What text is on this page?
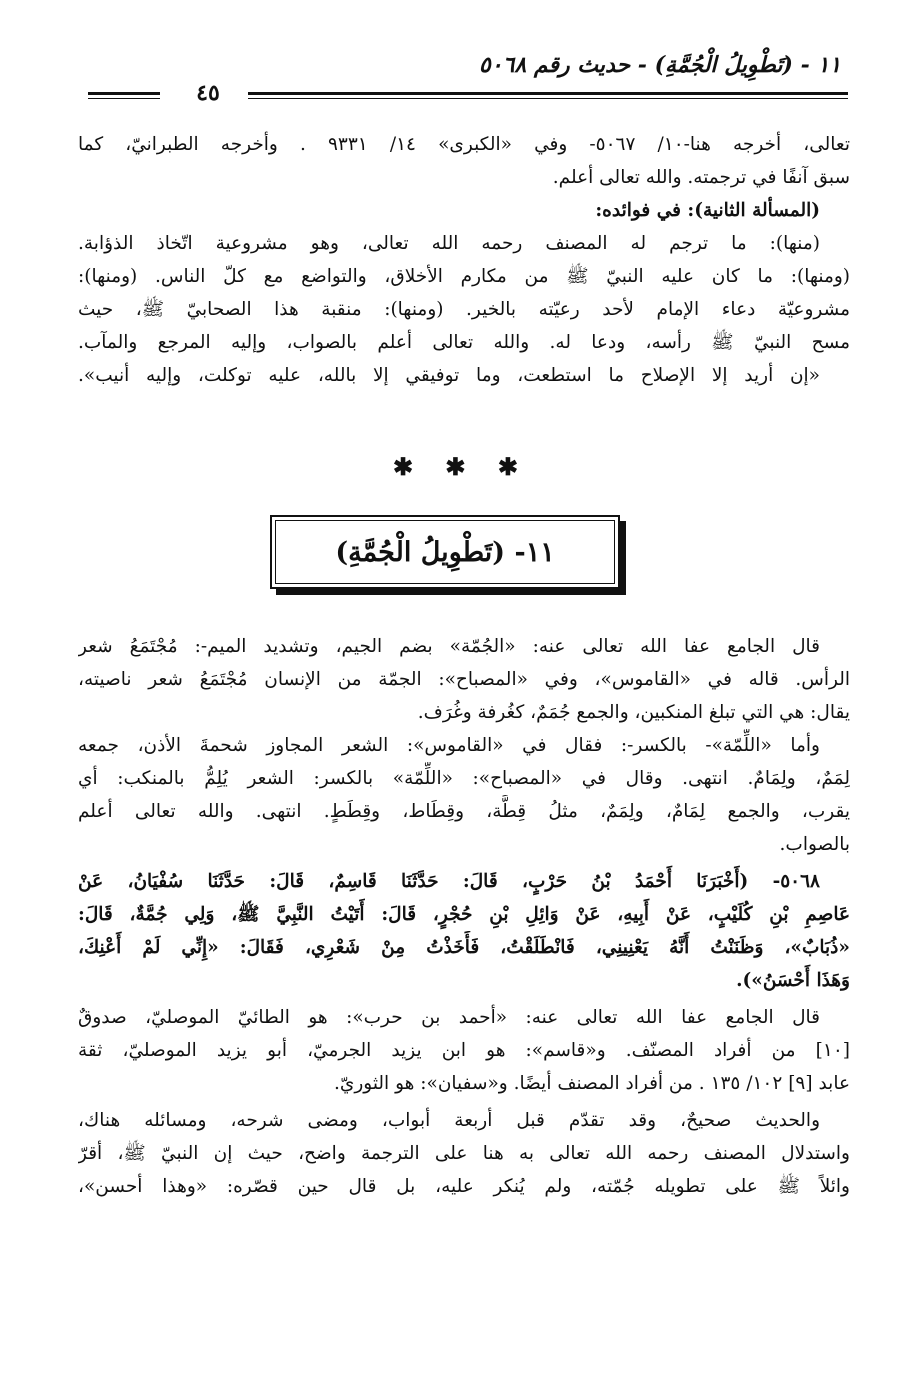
١١ - (تَطْوِيلُ الْجُمَّةِ) - حديث رقم ٥٠٦٨
٤٥
تعالى، أخرجه هنا-١٠/ ٥٠٦٧- وفي «الكبرى» ١٤/ ٩٣٣١ . وأخرجه الطبرانيّ، كما
سبق آنفًا في ترجمته. والله تعالى أعلم.
(المسألة الثانية): في فوائده:
(منها): ما ترجم له المصنف رحمه الله تعالى، وهو مشروعية اتّخاذ الذؤابة.
(ومنها): ما كان عليه النبيّ ﷺ من مكارم الأخلاق، والتواضع مع كلّ الناس. (ومنها):
مشروعيّة دعاء الإمام لأحد رعيّته بالخير. (ومنها): منقبة هذا الصحابيّ ﷺ، حيث
مسح النبيّ ﷺ رأسه، ودعا له. والله تعالى أعلم بالصواب، وإليه المرجع والمآب.
«إن أريد إلا الإصلاح ما استطعت، وما توفيقي إلا بالله، عليه توكلت، وإليه أنيب».
✱ ✱ ✱
١١- (تَطْوِيلُ الْجُمَّةِ)
قال الجامع عفا الله تعالى عنه: «الجُمّة» بضم الجيم، وتشديد الميم-: مُجْتَمَعُ شعر
الرأس. قاله في «القاموس»، وفي «المصباح»: الجمّة من الإنسان مُجْتَمَعُ شعر ناصيته،
يقال: هي التي تبلغ المنكبين، والجمع جُمَمٌ، كغُرفة وغُرَف.
وأما «اللِّمّة»- بالكسر-: فقال في «القاموس»: الشعر المجاوز شحمةَ الأذن، جمعه
لِمَمٌ، ولِمَامٌ. انتهى. وقال في «المصباح»: «اللِّمّة» بالكسر: الشعر يُلِمُّ بالمنكب: أي
يقرب، والجمع لِمَامٌ، ولِمَمٌ، مثلُ قِطَّة، وقِطَاط، وقِطَطٍ. انتهى. والله تعالى أعلم
بالصواب.
٥٠٦٨- (أَخْبَرَنَا أَحْمَدُ بْنُ حَرْبٍ، قَالَ: حَدَّثَنَا قَاسِمٌ، قَالَ: حَدَّثَنَا سُفْيَانُ، عَنْ
عَاصِمِ بْنِ كُلَيْبٍ، عَنْ أَبِيهِ، عَنْ وَائِلِ بْنِ حُجْرٍ، قَالَ: أَتَيْتُ النَّبِيَّ ﷺ، وَلِي جُمَّةٌ، قَالَ:
«ذُبَابٌ»، وَظَنَنْتُ أَنَّهُ يَعْنِينِي، فَانْطَلَقْتُ، فَأَخَذْتُ مِنْ شَعْرِي، فَقَالَ: «إِنِّي لَمْ أَعْنِكَ،
وَهَذَا أَحْسَنُ»).
قال الجامع عفا الله تعالى عنه: «أحمد بن حرب»: هو الطائيّ الموصليّ، صدوقٌ
[١٠] من أفراد المصنّف. و«قاسم»: هو ابن يزيد الجرميّ، أبو يزيد الموصليّ، ثقة
عابد [٩] ١٠٢/ ١٣٥ . من أفراد المصنف أيضًا. و«سفيان»: هو الثوريّ.
والحديث صحيحٌ، وقد تقدّم قبل أربعة أبواب، ومضى شرحه، ومسائله هناك،
واستدلال المصنف رحمه الله تعالى به هنا على الترجمة واضح، حيث إن النبيّ ﷺ، أقرّ
وائلاً ﷺ على تطويله جُمّته، ولم يُنكر عليه، بل قال حين قصّره: «وهذا أحسن»،
